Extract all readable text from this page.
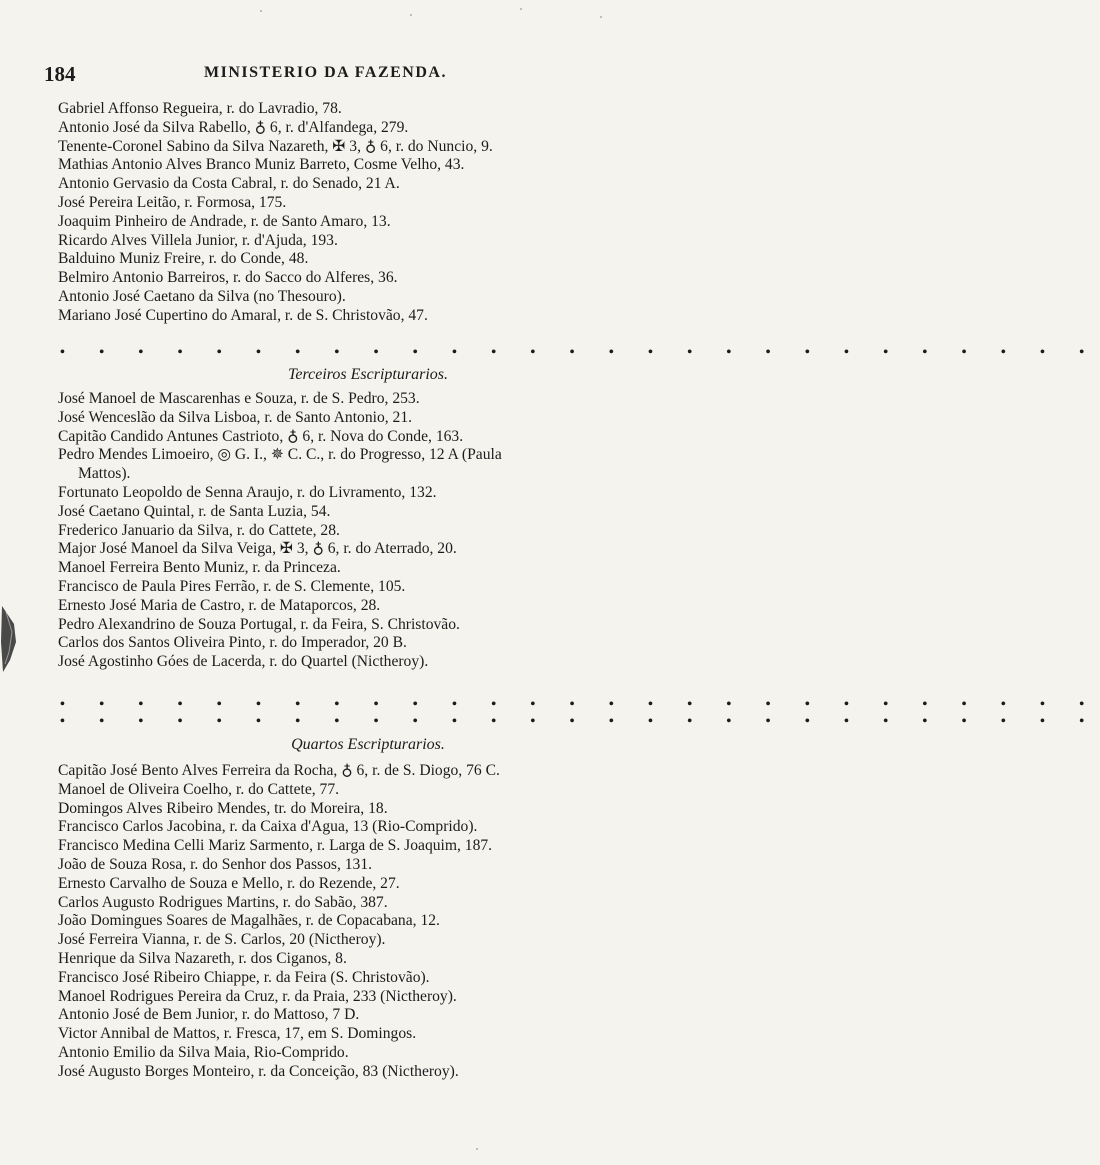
184	MINISTERIO DA FAZENDA.
Gabriel Affonso Regueira, r. do Lavradio, 78.
Antonio José da Silva Rabello, ♁ 6, r. d'Alfandega, 279.
Tenente-Coronel Sabino da Silva Nazareth, ✠ 3, ♁ 6, r. do Nuncio, 9.
Mathias Antonio Alves Branco Muniz Barreto, Cosme Velho, 43.
Antonio Gervasio da Costa Cabral, r. do Senado, 21 A.
José Pereira Leitão, r. Formosa, 175.
Joaquim Pinheiro de Andrade, r. de Santo Amaro, 13.
Ricardo Alves Villela Junior, r. d'Ajuda, 193.
Balduino Muniz Freire, r. do Conde, 48.
Belmiro Antonio Barreiros, r. do Sacco do Alferes, 36.
Antonio José Caetano da Silva (no Thesouro).
Mariano José Cupertino do Amaral, r. de S. Christovão, 47.
• • • • • • • • • • • • • • • • • • • • • • • • • • •
Terceiros Escripturarios.
José Manoel de Mascarenhas e Souza, r. de S. Pedro, 253.
José Wenceslão da Silva Lisboa, r. de Santo Antonio, 21.
Capitão Candido Antunes Castrioto, ♁ 6, r. Nova do Conde, 163.
Pedro Mendes Limoeiro, ◎ G. I., ✵ C. C., r. do Progresso, 12 A (Paula
Mattos).
Fortunato Leopoldo de Senna Araujo, r. do Livramento, 132.
José Caetano Quintal, r. de Santa Luzia, 54.
Frederico Januario da Silva, r. do Cattete, 28.
Major José Manoel da Silva Veiga, ✠ 3, ♁ 6, r. do Aterrado, 20.
Manoel Ferreira Bento Muniz, r. da Princeza.
Francisco de Paula Pires Ferrão, r. de S. Clemente, 105.
Ernesto José Maria de Castro, r. de Mataporcos, 28.
Pedro Alexandrino de Souza Portugal, r. da Feira, S. Christovão.
Carlos dos Santos Oliveira Pinto, r. do Imperador, 20 B.
José Agostinho Góes de Lacerda, r. do Quartel (Nictheroy).
• • • • • • • • • • • • • • • • • • • • • • • • • • •
• • • • • • • • • • • • • • • • • • • • • • • • • • •
Quartos Escripturarios.
Capitão José Bento Alves Ferreira da Rocha, ♁ 6, r. de S. Diogo, 76 C.
Manoel de Oliveira Coelho, r. do Cattete, 77.
Domingos Alves Ribeiro Mendes, tr. do Moreira, 18.
Francisco Carlos Jacobina, r. da Caixa d'Agua, 13 (Rio-Comprido).
Francisco Medina Celli Mariz Sarmento, r. Larga de S. Joaquim, 187.
João de Souza Rosa, r. do Senhor dos Passos, 131.
Ernesto Carvalho de Souza e Mello, r. do Rezende, 27.
Carlos Augusto Rodrigues Martins, r. do Sabão, 387.
João Domingues Soares de Magalhães, r. de Copacabana, 12.
José Ferreira Vianna, r. de S. Carlos, 20 (Nictheroy).
Henrique da Silva Nazareth, r. dos Ciganos, 8.
Francisco José Ribeiro Chiappe, r. da Feira (S. Christovão).
Manoel Rodrigues Pereira da Cruz, r. da Praia, 233 (Nictheroy).
Antonio José de Bem Junior, r. do Mattoso, 7 D.
Victor Annibal de Mattos, r. Fresca, 17, em S. Domingos.
Antonio Emilio da Silva Maia, Rio-Comprido.
José Augusto Borges Monteiro, r. da Conceição, 83 (Nictheroy).
